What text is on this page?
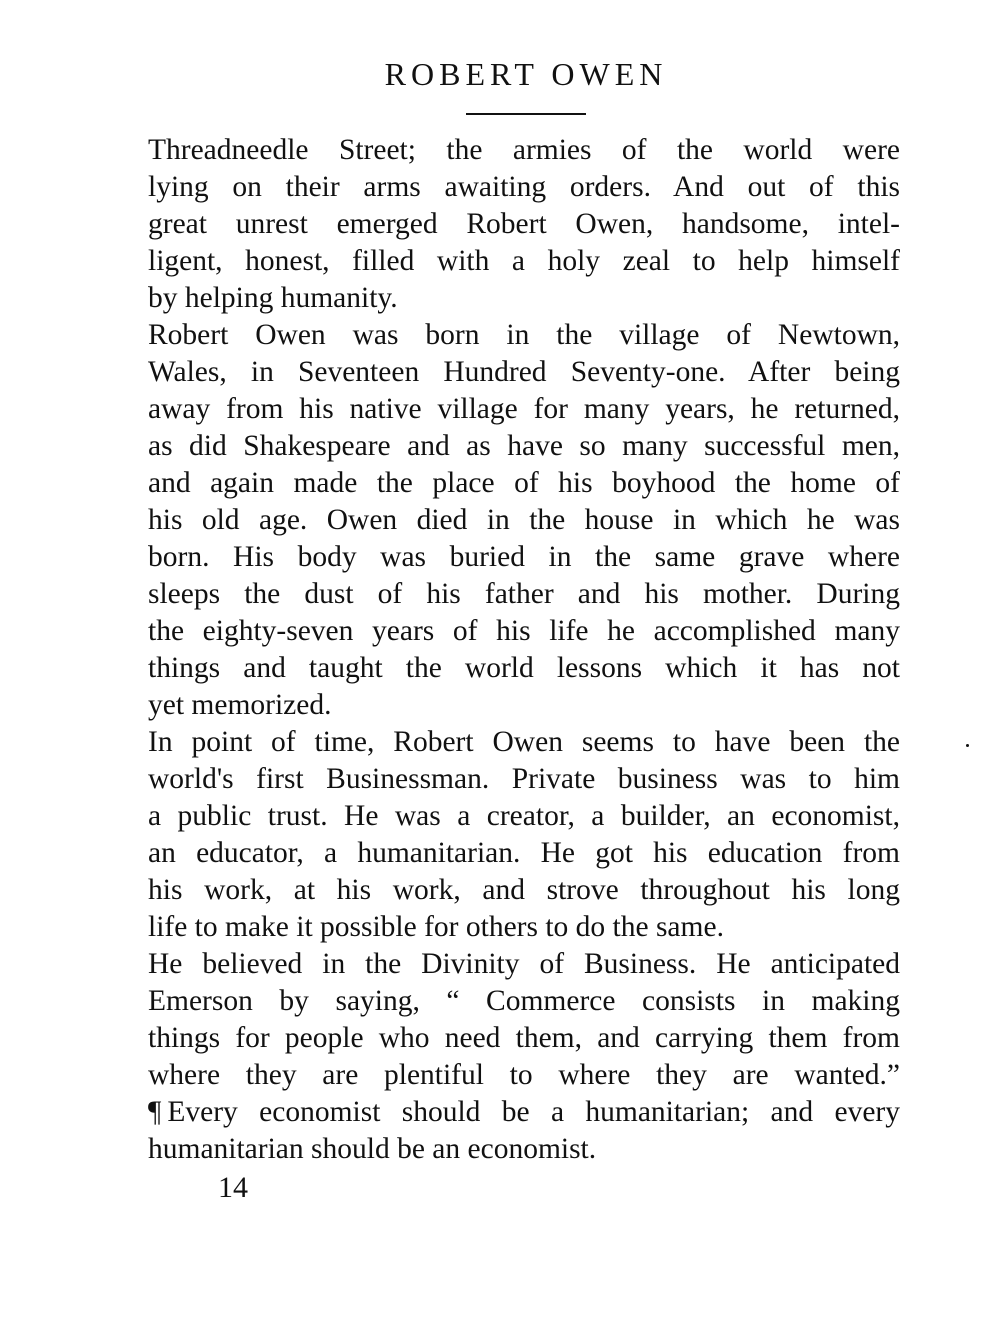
ROBERT OWEN
Threadneedle Street; the armies of the world were
lying on their arms awaiting orders. And out of this
great unrest emerged Robert Owen, handsome, intel-
ligent, honest, filled with a holy zeal to help himself
by helping humanity.
Robert Owen was born in the village of Newtown,
Wales, in Seventeen Hundred Seventy-one. After being
away from his native village for many years, he returned,
as did Shakespeare and as have so many successful men,
and again made the place of his boyhood the home of
his old age. Owen died in the house in which he was
born. His body was buried in the same grave where
sleeps the dust of his father and his mother. During
the eighty-seven years of his life he accomplished many
things and taught the world lessons which it has not
yet memorized.
In point of time, Robert Owen seems to have been the
world's first Businessman. Private business was to him
a public trust. He was a creator, a builder, an economist,
an educator, a humanitarian. He got his education from
his work, at his work, and strove throughout his long
life to make it possible for others to do the same.
He believed in the Divinity of Business. He anticipated
Emerson by saying, “ Commerce consists in making
things for people who need them, and carrying them from
where they are plentiful to where they are wanted.”
¶ Every economist should be a humanitarian; and every
humanitarian should be an economist.
14
